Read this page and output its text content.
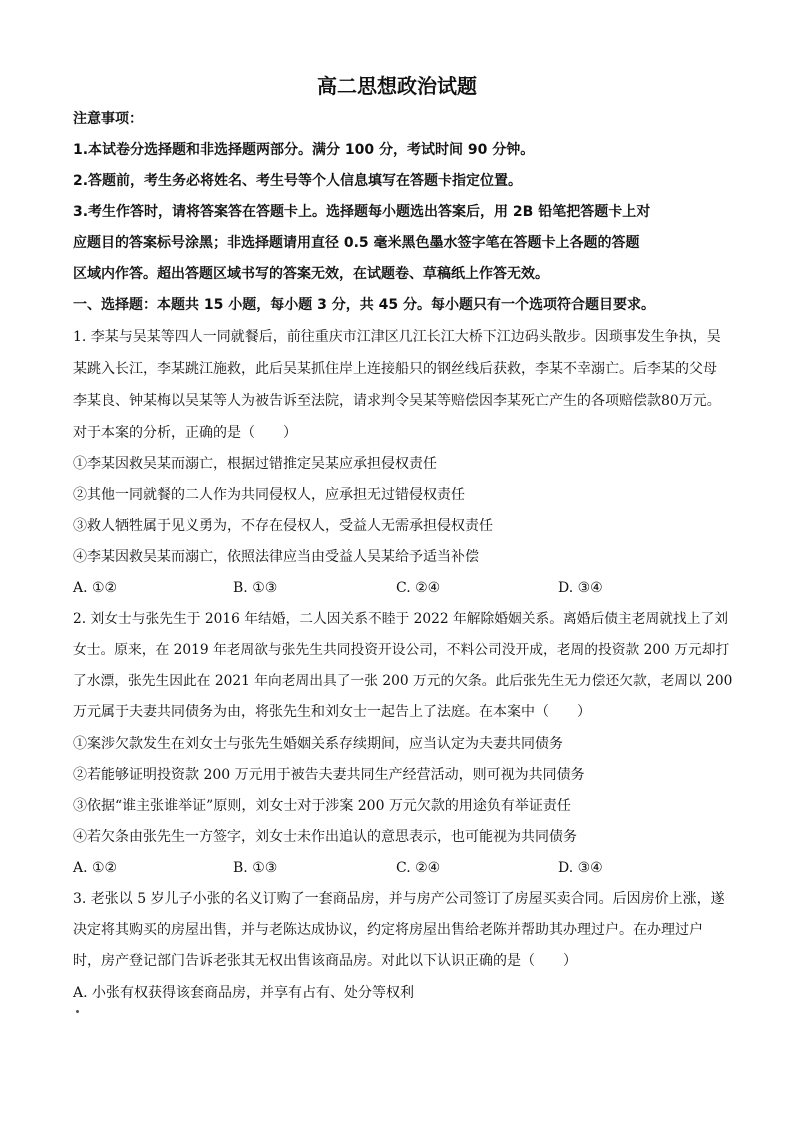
高二思想政治试题
注意事项：
1.本试卷分选择题和非选择题两部分。满分 100 分，考试时间 90 分钟。
2.答题前，考生务必将姓名、考生号等个人信息填写在答题卡指定位置。
3.考生作答时，请将答案答在答题卡上。选择题每小题选出答案后，用 2B 铅笔把答题卡上对
应题目的答案标号涂黑；非选择题请用直径 0.5 毫米黑色墨水签字笔在答题卡上各题的答题
区域内作答。超出答题区域书写的答案无效，在试题卷、草稿纸上作答无效。
一、选择题：本题共 15 小题，每小题 3 分，共 45 分。每小题只有一个选项符合题目要求。
1. 李某与吴某等四人一同就餐后，前往重庆市江津区几江长江大桥下江边码头散步。因琐事发生争执，吴
某跳入长江，李某跳江施救，此后吴某抓住岸上连接船只的钢丝线后获救，李某不幸溺亡。后李某的父母
李某良、钟某梅以吴某等人为被告诉至法院，请求判令吴某等赔偿因李某死亡产生的各项赔偿款80万元。
对于本案的分析，正确的是（　　）
①李某因救吴某而溺亡，根据过错推定吴某应承担侵权责任
②其他一同就餐的二人作为共同侵权人，应承担无过错侵权责任
③救人牺牲属于见义勇为，不存在侵权人，受益人无需承担侵权责任
④李某因救吴某而溺亡，依照法律应当由受益人吴某给予适当补偿
A. ①②	B. ①③	C. ②④	D. ③④
2. 刘女士与张先生于 2016 年结婚，二人因关系不睦于 2022 年解除婚姻关系。离婚后债主老周就找上了刘
女士。原来，在 2019 年老周欲与张先生共同投资开设公司，不料公司没开成，老周的投资款 200 万元却打
了水漂，张先生因此在 2021 年向老周出具了一张 200 万元的欠条。此后张先生无力偿还欠款，老周以 200
万元属于夫妻共同债务为由，将张先生和刘女士一起告上了法庭。在本案中（　　）
①案涉欠款发生在刘女士与张先生婚姻关系存续期间，应当认定为夫妻共同债务
②若能够证明投资款 200 万元用于被告夫妻共同生产经营活动，则可视为共同债务
③依据“谁主张谁举证”原则，刘女士对于涉案 200 万元欠款的用途负有举证责任
④若欠条由张先生一方签字，刘女士未作出追认的意思表示，也可能视为共同债务
A. ①②	B. ①③	C. ②④	D. ③④
3. 老张以 5 岁儿子小张的名义订购了一套商品房，并与房产公司签订了房屋买卖合同。后因房价上涨，遂
决定将其购买的房屋出售，并与老陈达成协议，约定将房屋出售给老陈并帮助其办理过户。在办理过户
时，房产登记部门告诉老张其无权出售该商品房。对此以下认识正确的是（　　）
A. 小张有权获得该套商品房，并享有占有、处分等权利
